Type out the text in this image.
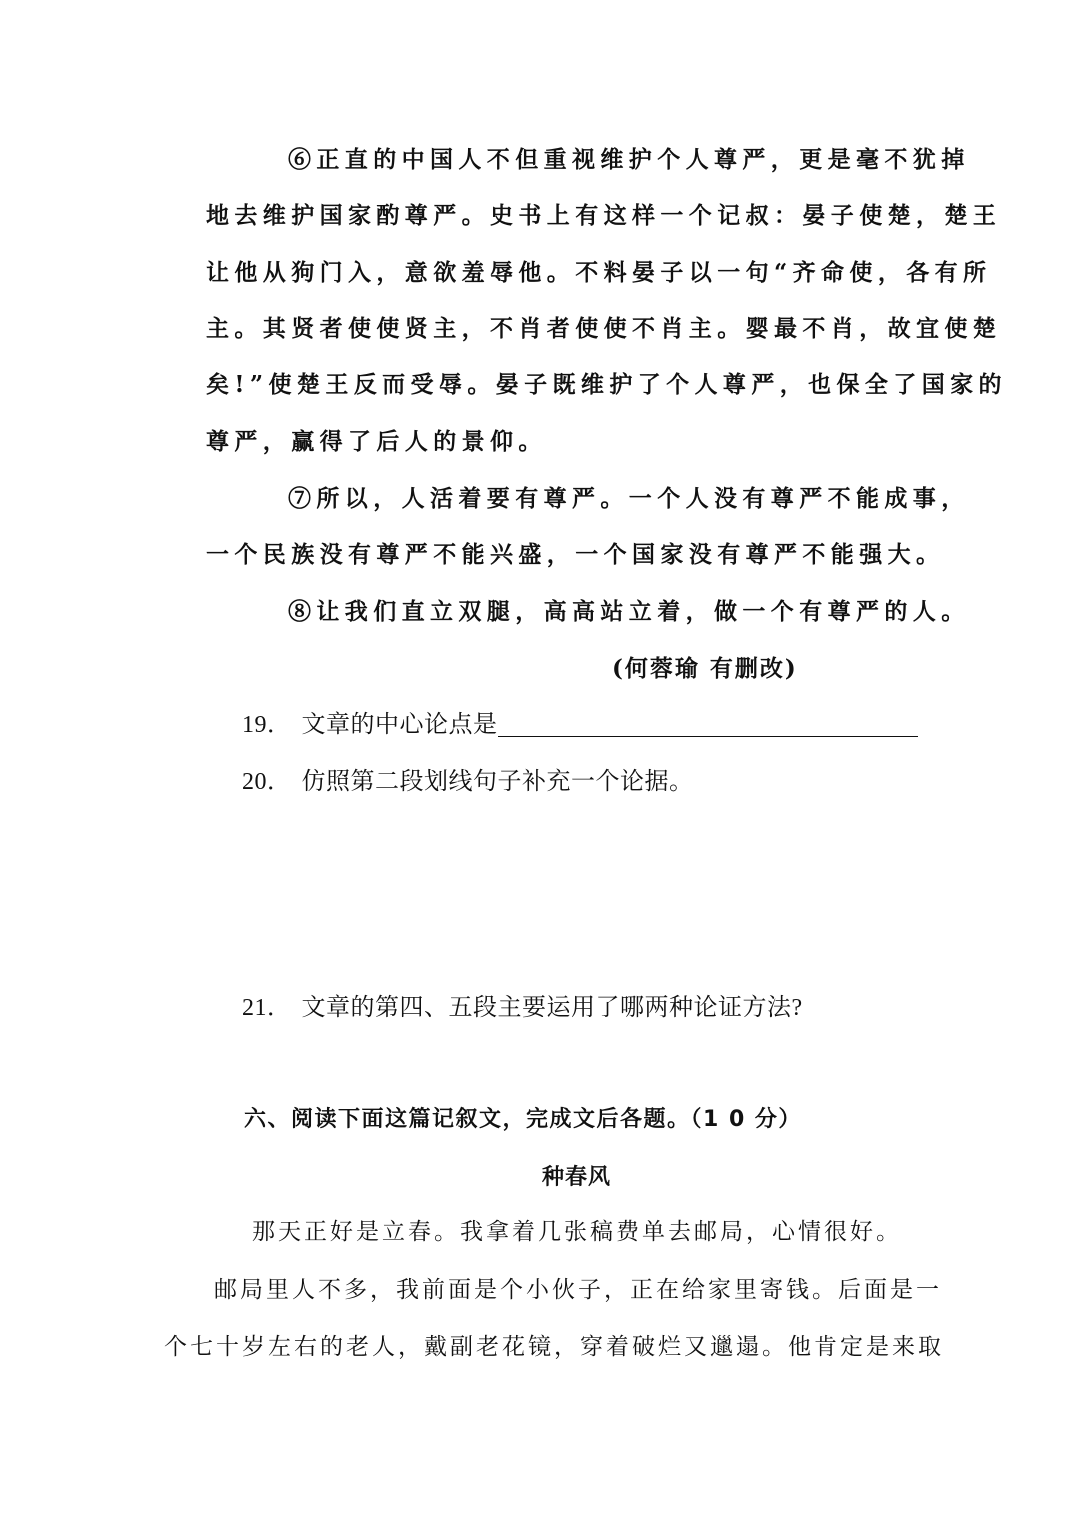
⑥正直的中国人不但重视维护个人尊严，更是毫不犹掉
地去维护国家酌尊严。史书上有这样一个记叔：晏子使楚，楚王
让他从狗门入，意欲羞辱他。不料晏子以一句“齐命使，各有所
主。其贤者使使贤主，不肖者使使不肖主。婴最不肖，故宜使楚
矣!”使楚王反而受辱。晏子既维护了个人尊严，也保全了国家的
尊严，赢得了后人的景仰。
⑦所以，人活着要有尊严。一个人没有尊严不能成事，
一个民族没有尊严不能兴盛，一个国家没有尊严不能强大。
⑧让我们直立双腿，高高站立着，做一个有尊严的人。
(何蓉瑜 有删改)
19． 文章的中心论点是
20． 仿照第二段划线句子补充一个论据。
21． 文章的第四、五段主要运用了哪两种论证方法?
六、阅读下面这篇记叙文，完成文后各题。（1 0 分）
种春风
那天正好是立春。我拿着几张稿费单去邮局，心情很好。
邮局里人不多，我前面是个小伙子，正在给家里寄钱。后面是一
个七十岁左右的老人，戴副老花镜，穿着破烂又邋遢。他肯定是来取
